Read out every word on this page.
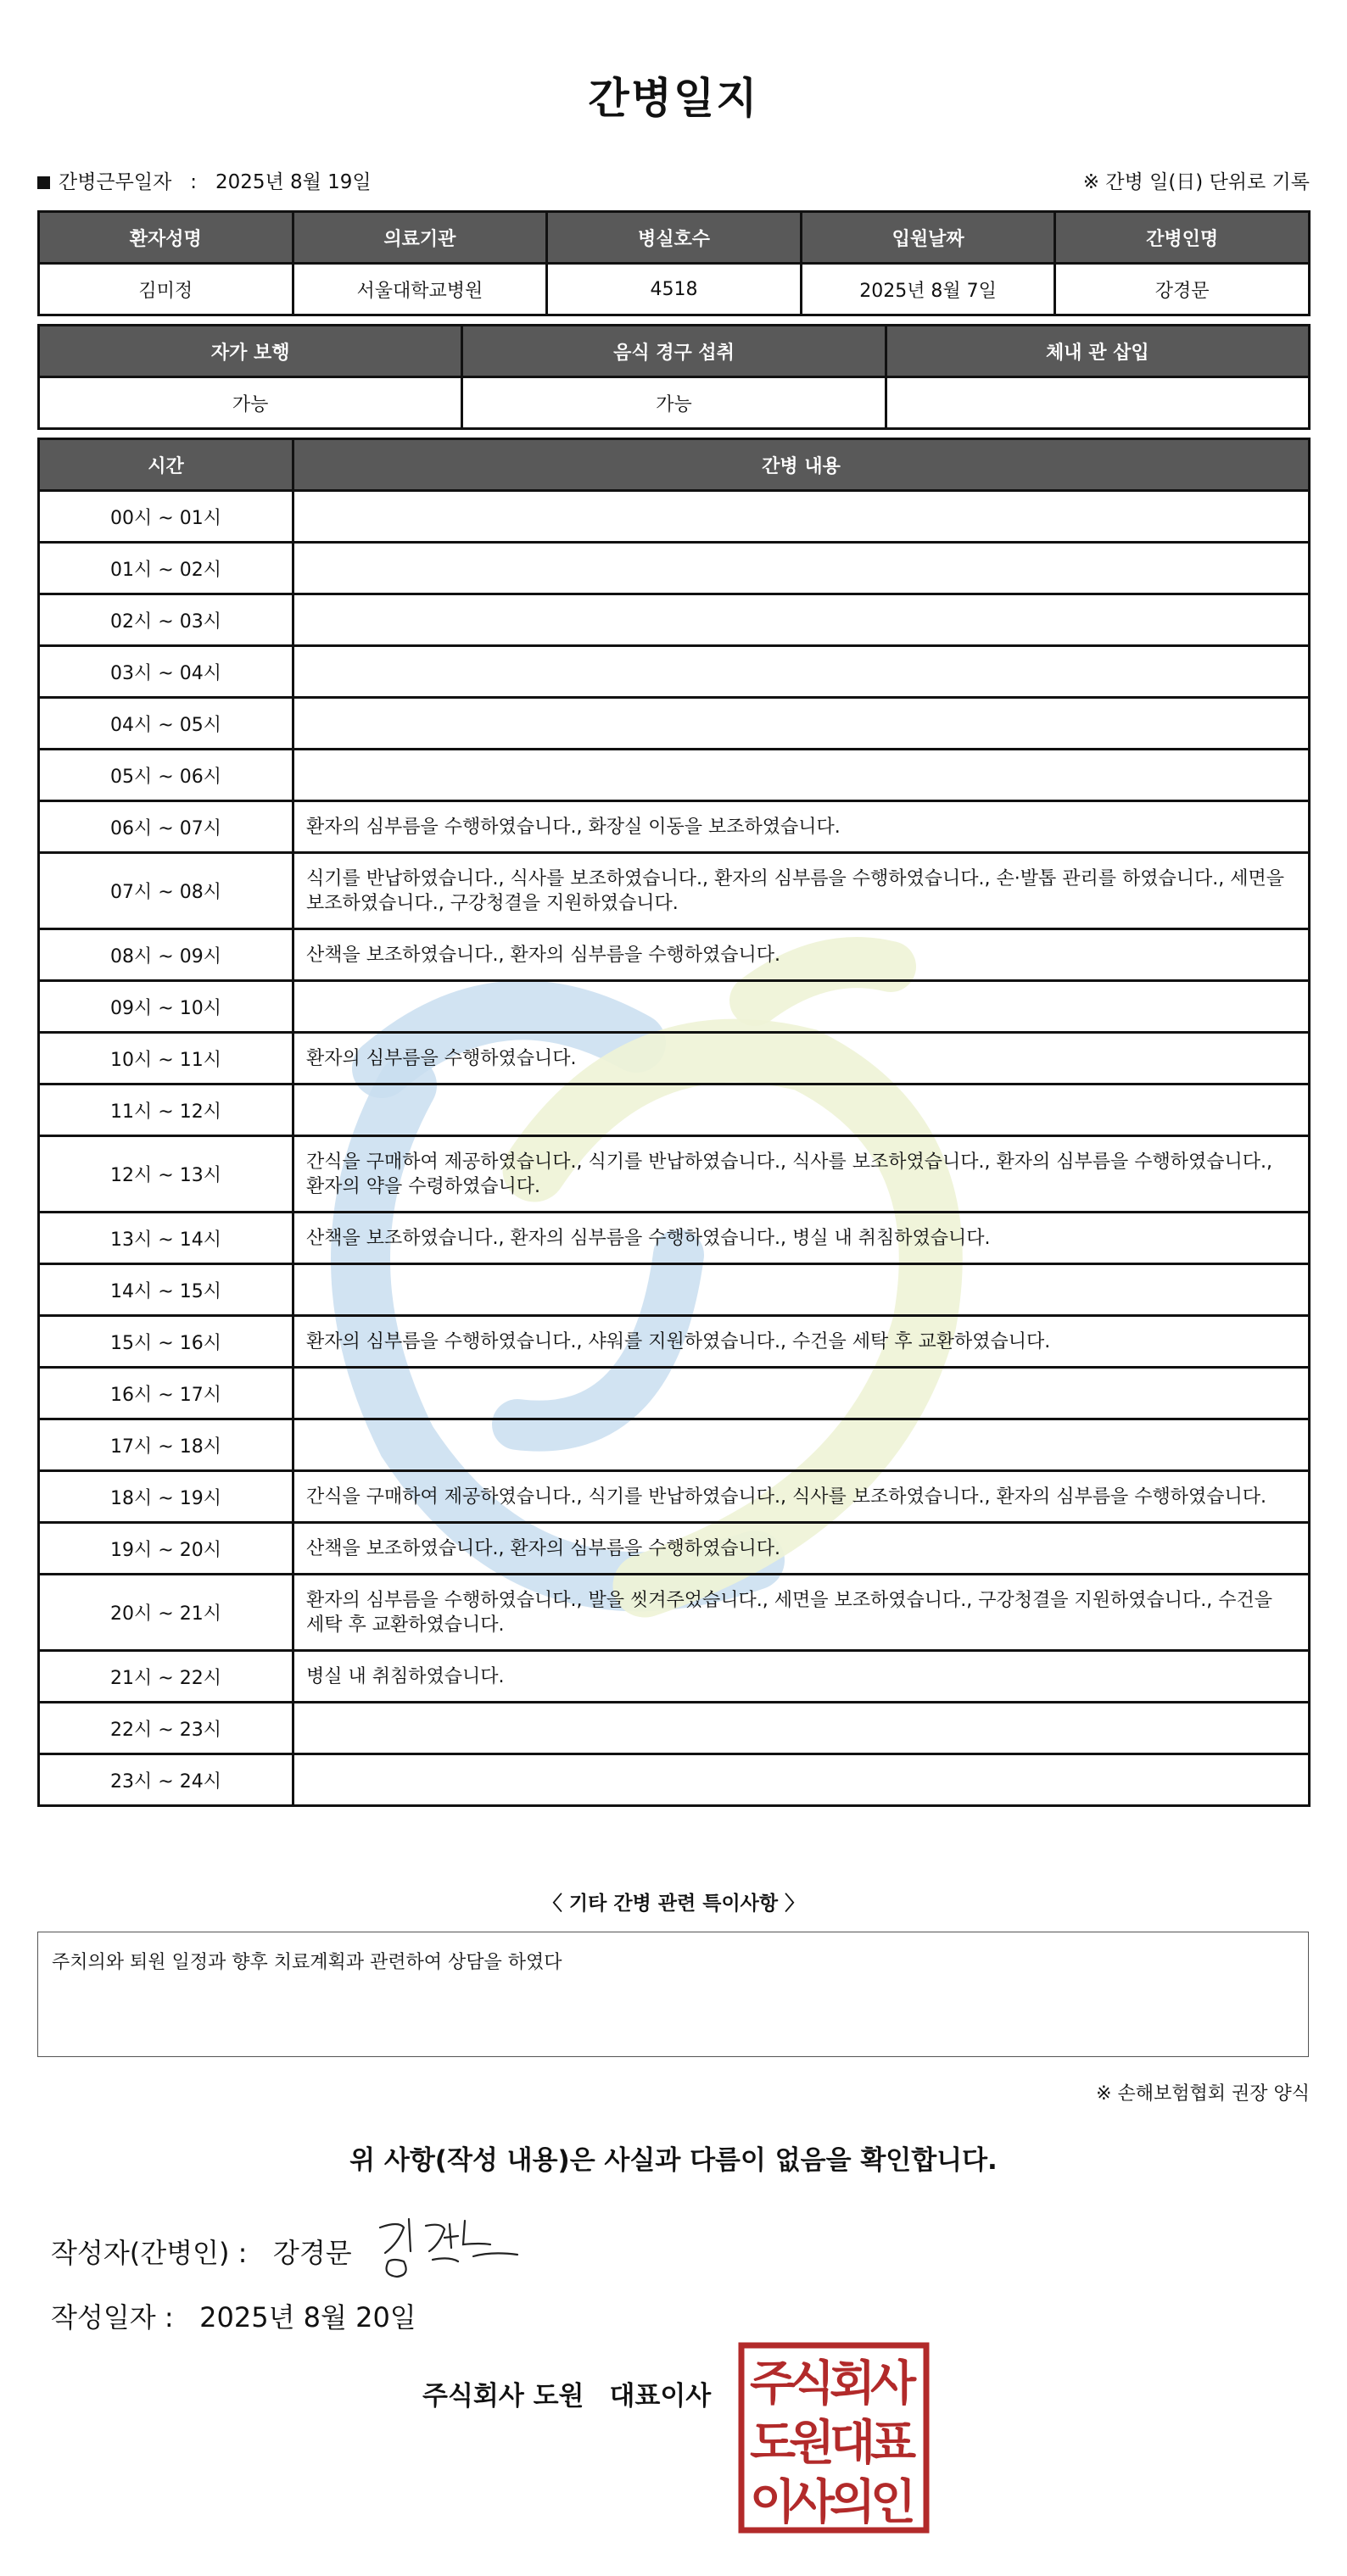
간병일지
간병근무일자 : 2025년 8월 19일	※ 간병 일(日) 단위로 기록
환자성명	의료기관	병실호수	입원날짜	간병인명
김미정	서울대학교병원	4518	2025년 8월 7일	강경문
자가 보행	음식 경구 섭취	체내 관 삽입
가능	가능	
시간	간병 내용
00시 ~ 01시	
01시 ~ 02시	
02시 ~ 03시	
03시 ~ 04시	
04시 ~ 05시	
05시 ~ 06시	
06시 ~ 07시	환자의 심부름을 수행하였습니다., 화장실 이동을 보조하였습니다.
07시 ~ 08시	식기를 반납하였습니다., 식사를 보조하였습니다., 환자의 심부름을 수행하였습니다., 손·발톱 관리를 하였습니다., 세면을 보조하였습니다., 구강청결을 지원하였습니다.
08시 ~ 09시	산책을 보조하였습니다., 환자의 심부름을 수행하였습니다.
09시 ~ 10시	
10시 ~ 11시	환자의 심부름을 수행하였습니다.
11시 ~ 12시	
12시 ~ 13시	간식을 구매하여 제공하였습니다., 식기를 반납하였습니다., 식사를 보조하였습니다., 환자의 심부름을 수행하였습니다., 환자의 약을 수령하였습니다.
13시 ~ 14시	산책을 보조하였습니다., 환자의 심부름을 수행하였습니다., 병실 내 취침하였습니다.
14시 ~ 15시	
15시 ~ 16시	환자의 심부름을 수행하였습니다., 샤워를 지원하였습니다., 수건을 세탁 후 교환하였습니다.
16시 ~ 17시	
17시 ~ 18시	
18시 ~ 19시	간식을 구매하여 제공하였습니다., 식기를 반납하였습니다., 식사를 보조하였습니다., 환자의 심부름을 수행하였습니다.
19시 ~ 20시	산책을 보조하였습니다., 환자의 심부름을 수행하였습니다.
20시 ~ 21시	환자의 심부름을 수행하였습니다., 발을 씻겨주었습니다., 세면을 보조하였습니다., 구강청결을 지원하였습니다., 수건을 세탁 후 교환하였습니다.
21시 ~ 22시	병실 내 취침하였습니다.
22시 ~ 23시	
23시 ~ 24시	
〈 기타 간병 관련 특이사항 〉
주치의와 퇴원 일정과 향후 치료계획과 관련하여 상담을 하였다
※ 손해보험협회 권장 양식
위 사항(작성 내용)은 사실과 다름이 없음을 확인합니다.
작성자(간병인) : 강경문
작성일자 : 2025년 8월 20일
주식회사 도원 대표이사 주
식
회
사
도
원
대
표
이
사
의
인
